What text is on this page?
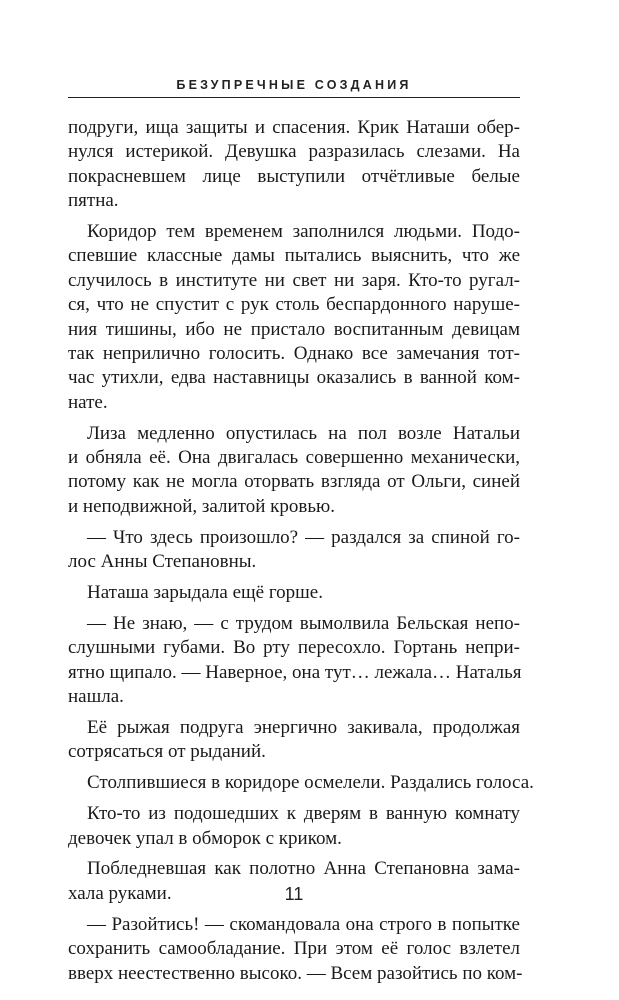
БЕЗУПРЕЧНЫЕ СОЗДАНИЯ
подруги, ища защиты и спасения. Крик Наташи обер-
нулся истерикой. Девушка разразилась слезами. На
покрасневшем лице выступили отчётливые белые
пятна.
 Коридор тем временем заполнился людьми. Подо-
спевшие классные дамы пытались выяснить, что же
случилось в институте ни свет ни заря. Кто-то ругал-
ся, что не спустит с рук столь беспардонного наруше-
ния тишины, ибо не пристало воспитанным девицам
так неприлично голосить. Однако все замечания тот-
час утихли, едва наставницы оказались в ванной ком-
нате.
 Лиза медленно опустилась на пол возле Натальи
и обняла её. Она двигалась совершенно механически,
потому как не могла оторвать взгляда от Ольги, синей
и неподвижной, залитой кровью.
 — Что здесь произошло? — раздался за спиной го-
лос Анны Степановны.
 Наташа зарыдала ещё горше.
 — Не знаю, — с трудом вымолвила Бельская непо-
слушными губами. Во рту пересохло. Гортань непри-
ятно щипало. — Наверное, она тут… лежала… Наталья
нашла.
 Её рыжая подруга энергично закивала, продолжая
сотрясаться от рыданий.
 Столпившиеся в коридоре осмелели. Раздались голоса.
 Кто-то из подошедших к дверям в ванную комнату
девочек упал в обморок с криком.
 Побледневшая как полотно Анна Степановна зама-
хала руками.
 — Разойтись! — скомандовала она строго в попытке
сохранить самообладание. При этом её голос взлетел
вверх неестественно высоко. — Всем разойтись по ком-
11
